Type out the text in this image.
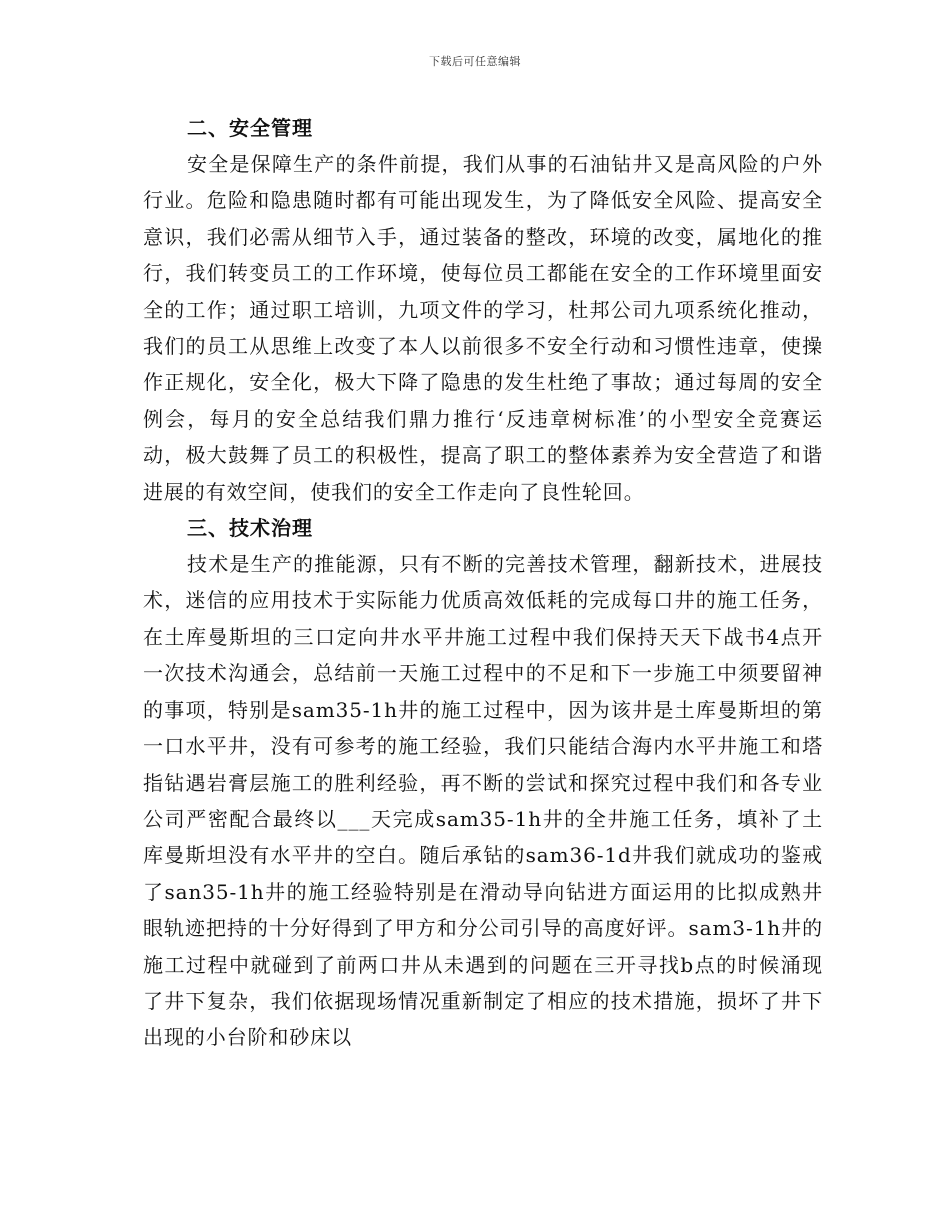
下载后可任意编辑

二、安全管理

安全是保障生产的条件前提，我们从事的石油钻井又是高风险的户外行业。危险和隐患随时都有可能出现发生，为了降低安全风险、提高安全意识，我们必需从细节入手，通过装备的整改，环境的改变，属地化的推行，我们转变员工的工作环境，使每位员工都能在安全的工作环境里面安全的工作；通过职工培训，九项文件的学习，杜邦公司九项系统化推动，我们的员工从思维上改变了本人以前很多不安全行动和习惯性违章，使操作正规化，安全化，极大下降了隐患的发生杜绝了事故；通过每周的安全例会，每月的安全总结我们鼎力推行‘反违章树标准’的小型安全竞赛运动，极大鼓舞了员工的积极性，提高了职工的整体素养为安全营造了和谐进展的有效空间，使我们的安全工作走向了良性轮回。

三、技术治理

技术是生产的推能源，只有不断的完善技术管理，翻新技术，进展技术，迷信的应用技术于实际能力优质高效低耗的完成每口井的施工任务，在土库曼斯坦的三口定向井水平井施工过程中我们保持天天下战书4点开一次技术沟通会，总结前一天施工过程中的不足和下一步施工中须要留神的事项，特别是sam35-1h井的施工过程中，因为该井是土库曼斯坦的第一口水平井，没有可参考的施工经验，我们只能结合海内水平井施工和塔指钻遇岩膏层施工的胜利经验，再不断的尝试和探究过程中我们和各专业公司严密配合最终以___天完成sam35-1h井的全井施工任务，填补了土库曼斯坦没有水平井的空白。随后承钻的sam36-1d井我们就成功的鉴戒了san35-1h井的施工经验特别是在滑动导向钻进方面运用的比拟成熟井眼轨迹把持的十分好得到了甲方和分公司引导的高度好评。sam3-1h井的施工过程中就碰到了前两口井从未遇到的问题在三开寻找b点的时候涌现了井下复杂，我们依据现场情况重新制定了相应的技术措施，损坏了井下出现的小台阶和砂床以
